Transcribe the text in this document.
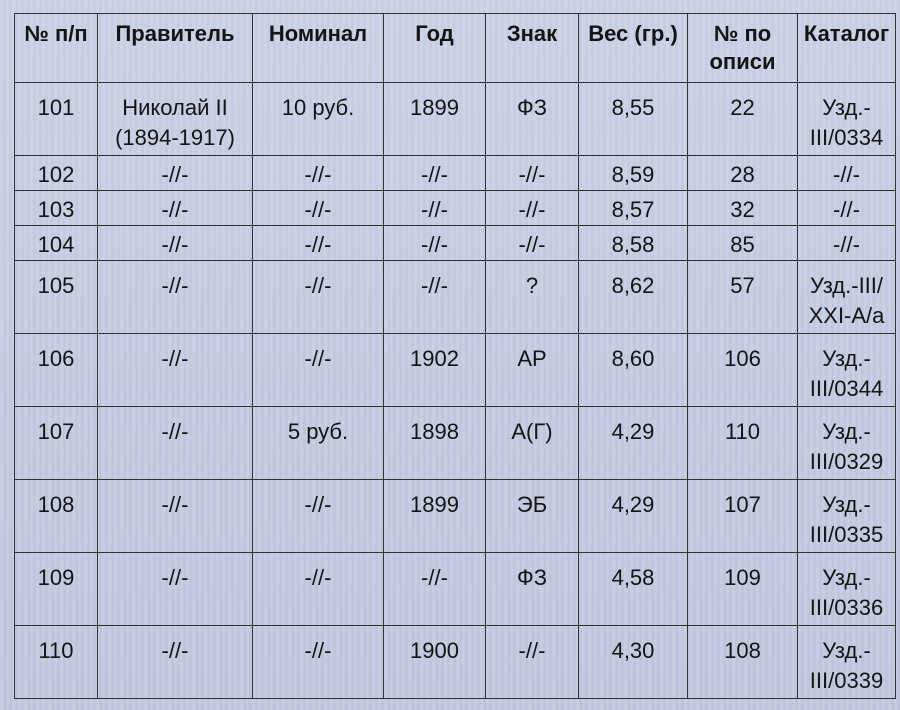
№ п/п	Правитель	Номинал	Год	Знак	Вес (гр.)	№ по описи	Каталог
101	Николай II (1894-1917)	10 руб.	1899	ФЗ	8,55	22	Узд.-III/0334
102	-//-	-//-	-//-	-//-	8,59	28	-//-
103	-//-	-//-	-//-	-//-	8,57	32	-//-
104	-//-	-//-	-//-	-//-	8,58	85	-//-
105	-//-	-//-	-//-	?	8,62	57	Узд.-III/ XXI-A/a
106	-//-	-//-	1902	АР	8,60	106	Узд.-III/0344
107	-//-	5 руб.	1898	А(Г)	4,29	110	Узд.-III/0329
108	-//-	-//-	1899	ЭБ	4,29	107	Узд.-III/0335
109	-//-	-//-	-//-	ФЗ	4,58	109	Узд.-III/0336
110	-//-	-//-	1900	-//-	4,30	108	Узд.-III/0339
